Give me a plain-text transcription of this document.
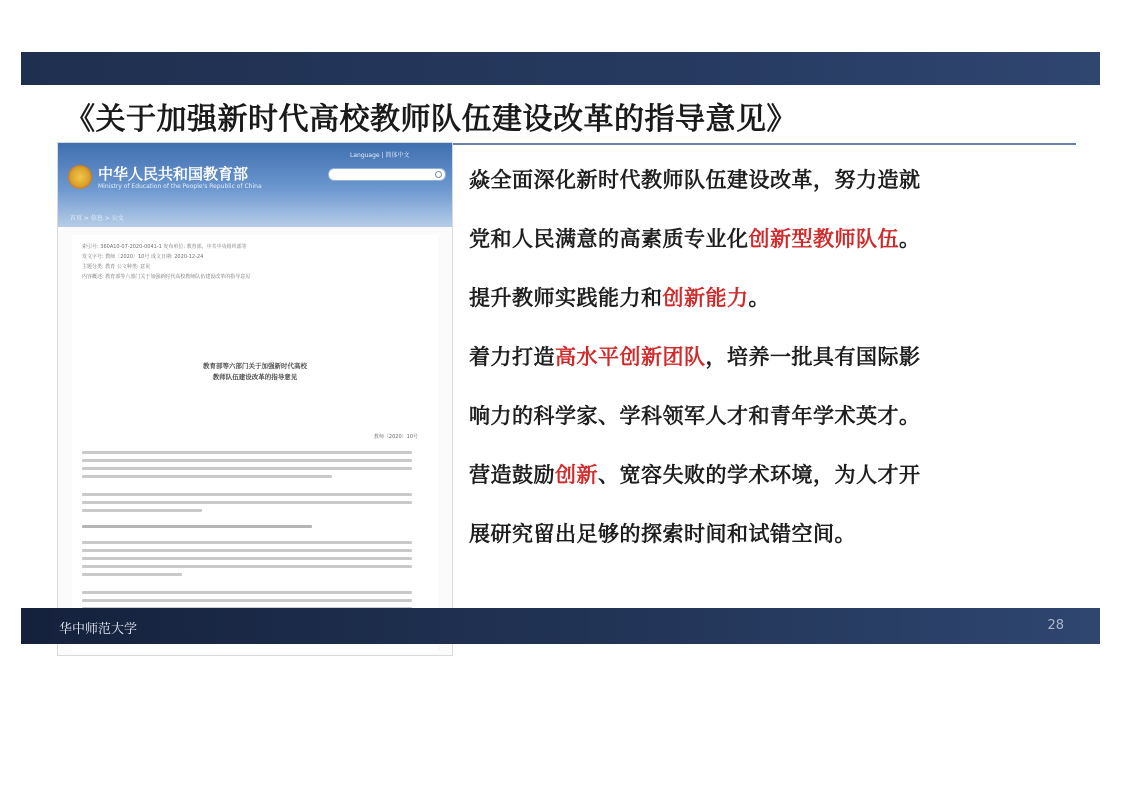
《关于加强新时代高校教师队伍建设改革的指导意见》
中华人民共和国教育部
Ministry of Education of the People's Republic of China
Language | 简体中文
首页 > 信息 > 公文
索引号: 360A10-07-2020-0041-1 发布单位: 教育部、中共中央组织部等
发文字号: 教师〔2020〕10号 成文日期: 2020-12-24
主题分类: 教育 公文种类: 意见
内容概述: 教育部等六部门关于加强新时代高校教师队伍建设改革的指导意见
教育部等六部门关于加强新时代高校
教师队伍建设改革的指导意见
教师〔2020〕10号
焱全面深化新时代教师队伍建设改革，努力造就
党和人民满意的高素质专业化创新型教师队伍。
提升教师实践能力和创新能力。
着力打造高水平创新团队，培养一批具有国际影
响力的科学家、学科领军人才和青年学术英才。
营造鼓励创新、宽容失败的学术环境，为人才开
展研究留出足够的探索时间和试错空间。
华中师范大学	28
